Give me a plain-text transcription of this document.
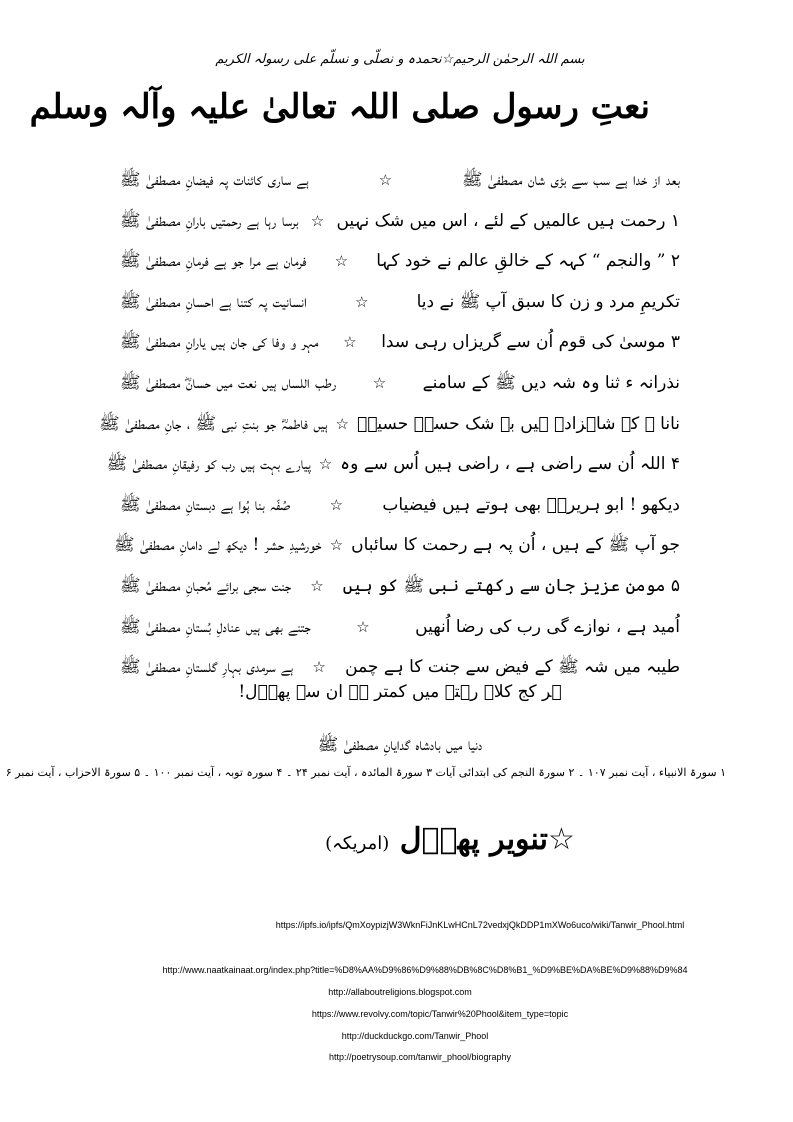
بسم اللہ الرحمٰن الرحیم☆نحمدہ و نصلّی و نسلّم علی رسولہ الکریم
نعتِ رسول صلی اللہ تعالیٰ علیہ وآلہ وسلم
بعد از خدا ہے سب سے بڑی شان مصطفیٰ ﷺ
☆
ہے ساری کائنات پہ فیضانِ مصطفیٰ ﷺ
۱ رحمت ہیں عالمیں کے لئے ، اس میں شک نہیں
☆
برسا رہا ہے رحمتیں بارانِ مصطفیٰ ﷺ
۲ ” والنجم “ کہہ کے خالقِ عالم نے خود کہا
☆
فرمان ہے مرا جو ہے فرمانِ مصطفیٰ ﷺ
تکریمِ مرد و زن کا سبق آپ ﷺ نے دیا
☆
انسانیت پہ کتنا ہے احسانِ مصطفیٰ ﷺ
۳ موسیٰ کی قوم اُن سے گریزاں رہی سدا
☆
مہر و وفا کی جان ہیں یارانِ مصطفیٰ ﷺ
نذرانہ ء ثنا وہ شہ دیں ﷺ کے سامنے
☆
رطب اللساں ہیں نعت میں حسانؓ مصطفیٰ ﷺ
نانا ﷺ کے شاہزادے ہیں بے شک حسنؓ حسینؓ
☆
ہیں فاطمہؓ جو بنتِ نبی ﷺ ، جانِ مصطفیٰ ﷺ
۴ اللہ اُن سے راضی ہے ، راضی ہیں اُس سے وہ
☆
پیارے بہت ہیں رب کو رفیقانِ مصطفیٰ ﷺ
دیکھو ! ابو ہریرہؓ بھی ہوتے ہیں فیضیاب
☆
صُفّہ بنا ہُوا ہے دبستانِ مصطفیٰ ﷺ
جو آپ ﷺ کے ہیں ، اُن پہ ہے رحمت کا سائباں
☆
خورشیدِ حشر ! دیکھ لے دامانِ مصطفیٰ ﷺ
۵ مومن عزیز جان سے رکھتے نبی ﷺ کو ہیں
☆
جنت سجی برائے مُحبانِ مصطفیٰ ﷺ
اُمید ہے ، نوازے گی رب کی رضا اُنھیں
☆
جتنے بھی ہیں عنادلِ بُستانِ مصطفیٰ ﷺ
طیبہ میں شہ ﷺ کے فیض سے جنت کا ہے چمن
☆
ہے سرمدی بہارِ گلستانِ مصطفیٰ ﷺ
ہر کج کلاہ رہتے میں کمتر ہے ان سے پھوؔل!
دنیا میں بادشاہ گدایانِ مصطفیٰ ﷺ
۱ سورۃ الانبیاء ، آیت نمبر ۱۰۷ ۔ ۲ سورۃ النجم کی ابتدائی آیات ۳ سورۃ المائدہ ، آیت نمبر ۲۴ ۔ ۴ سورہ توبہ ، آیت نمبر ۱۰۰ ۔ ۵ سورۃ الاحزاب ، آیت نمبر ۶
☆تنویر پھوؔل (امریکہ)
https://ipfs.io/ipfs/QmXoypizjW3WknFiJnKLwHCnL72vedxjQkDDP1mXWo6uco/wiki/Tanwir_Phool.html
http://www.naatkainaat.org/index.php?title=%D8%AA%D9%86%D9%88%DB%8C%D8%B1_%D9%BE%DA%BE%D9%88%D9%84
http://allaboutreligions.blogspot.com
https://www.revolvy.com/topic/Tanwir%20Phool&item_type=topic
http://duckduckgo.com/Tanwir_Phool
http://poetrysoup.com/tanwir_phool/biography
